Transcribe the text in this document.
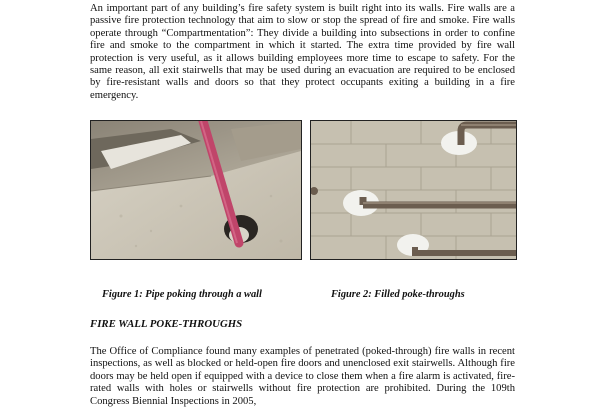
An important part of any building’s fire safety system is built right into its walls. Fire walls are a passive fire protection technology that aim to slow or stop the spread of fire and smoke. Fire walls operate through “Compartmentation”: They divide a building into subsections in order to confine fire and smoke to the compartment in which it started. The extra time provided by fire wall protection is very useful, as it allows building employees more time to escape to safety. For the same reason, all exit stairwells that may be used during an evacuation are required to be enclosed by fire-resistant walls and doors so that they protect occupants exiting a building in a fire emergency.

Figure 1: Pipe poking through a wall	Figure 2: Filled poke-throughs
FIRE WALL POKE-THROUGHS

The Office of Compliance found many examples of penetrated (poked-through) fire walls in recent inspections, as well as blocked or held-open fire doors and unenclosed exit stairwells. Although fire doors may be held open if equipped with a device to close them when a fire alarm is activated, fire-rated walls with holes or stairwells without fire protection are prohibited. During the 109th Congress Biennial Inspections in 2005,
